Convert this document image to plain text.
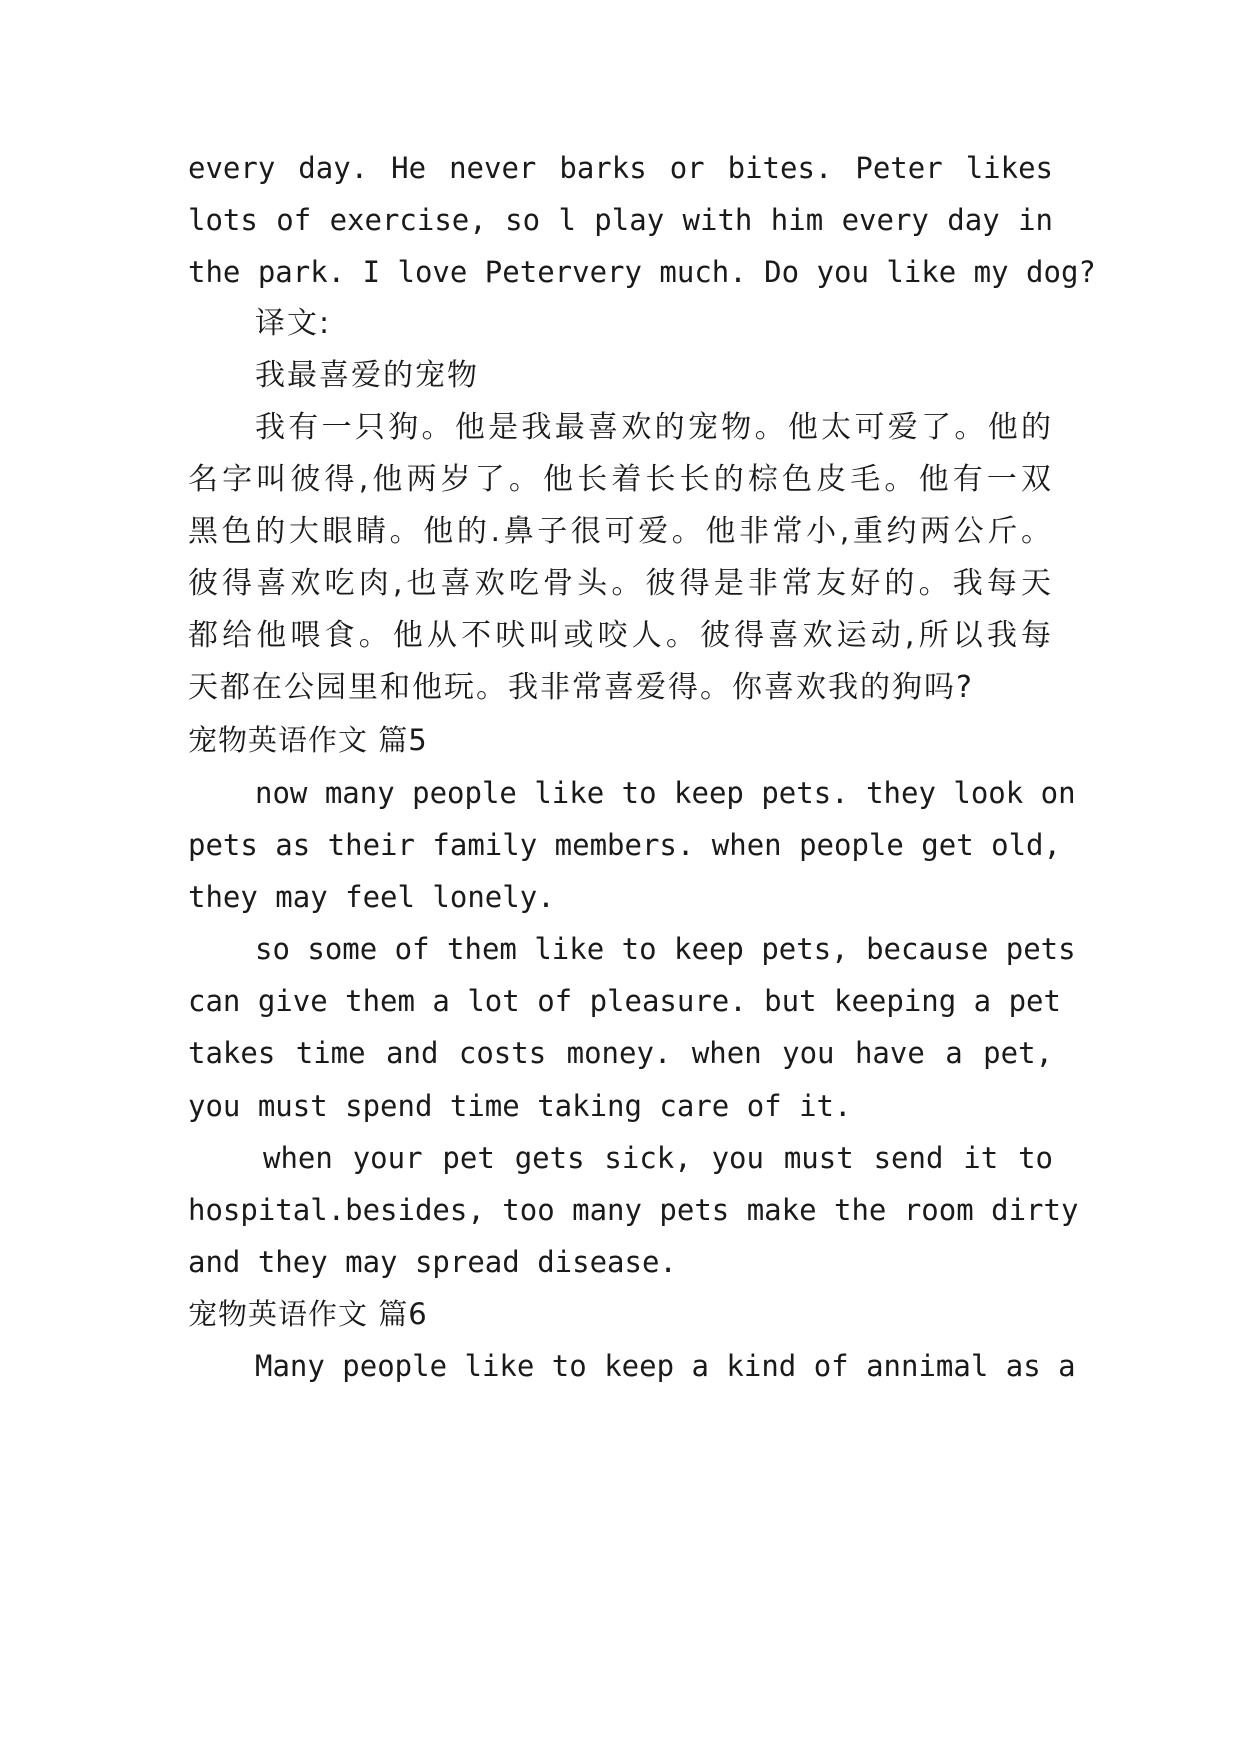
every day. He never barks or bites. Peter likes
lots of exercise, so l play with him every day in
the park. I love Petervery much. Do you like my dog?
译文:
我最喜爱的宠物
我有一只狗。他是我最喜欢的宠物。他太可爱了。他的
名字叫彼得,他两岁了。他长着长长的棕色皮毛。他有一双
黑色的大眼睛。他的.鼻子很可爱。他非常小,重约两公斤。
彼得喜欢吃肉,也喜欢吃骨头。彼得是非常友好的。我每天
都给他喂食。他从不吠叫或咬人。彼得喜欢运动,所以我每
天都在公园里和他玩。我非常喜爱得。你喜欢我的狗吗?
宠物英语作文 篇5
now many people like to keep pets. they look on
pets as their family members. when people get old,
they may feel lonely.
so some of them like to keep pets, because pets
can give them a lot of pleasure. but keeping a pet
takes time and costs money. when you have a pet,
you must spend time taking care of it.
when your pet gets sick, you must send it to
hospital.besides, too many pets make the room dirty
and they may spread disease.
宠物英语作文 篇6
Many people like to keep a kind of annimal as a
